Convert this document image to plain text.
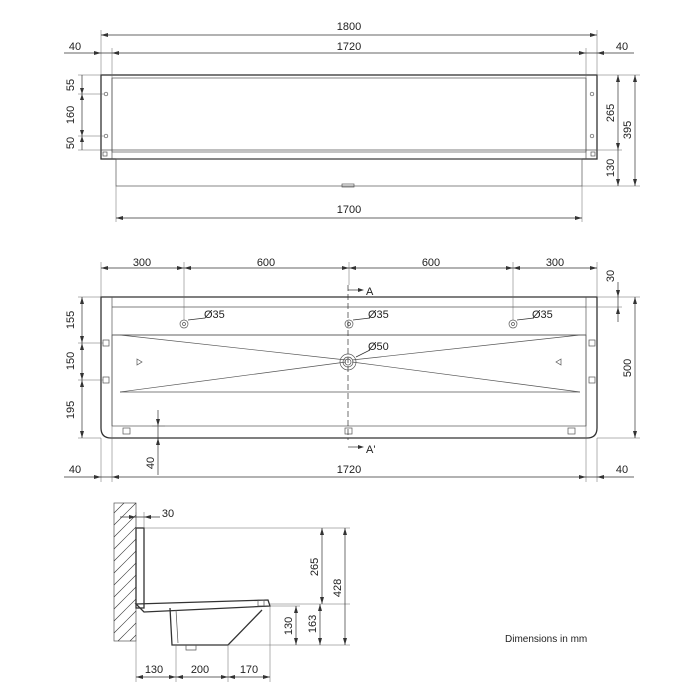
1800
40	1720	40
55
160
50
265
395
130
1700
A
A'
Ø35	Ø35	Ø35
Ø50
300	600	600	300
30
500
155
150
195
40
40	1720	40
30
265
428
163
130
130	200	170
Dimensions in mm
